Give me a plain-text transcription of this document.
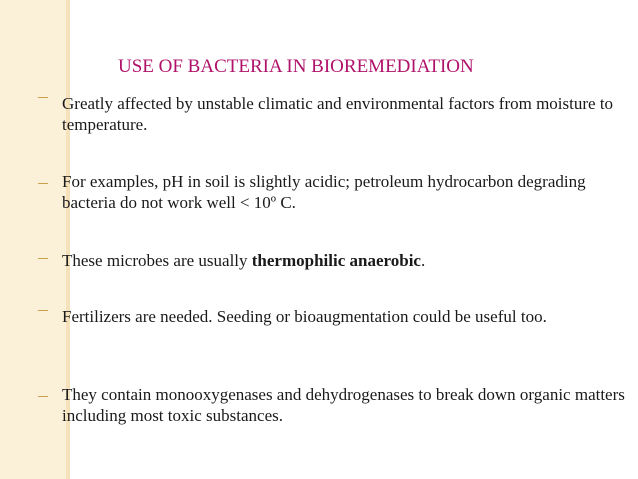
USE OF BACTERIA IN BIOREMEDIATION
Greatly affected by unstable climatic and environmental factors from moisture to temperature.
For examples, pH in soil is slightly acidic; petroleum hydrocarbon degrading bacteria do not work well < 10º C.
These microbes are usually thermophilic anaerobic.
Fertilizers are needed. Seeding or bioaugmentation could be useful too.
They contain monooxygenases and dehydrogenases to break down organic matters including most toxic substances.
